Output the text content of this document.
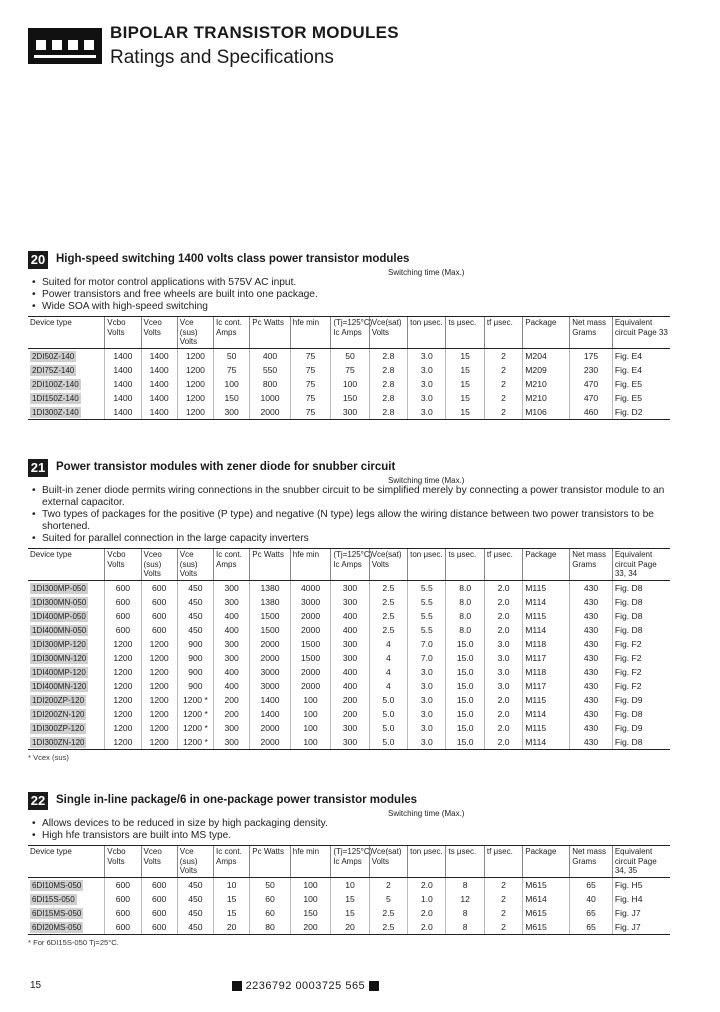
BIPOLAR TRANSISTOR MODULES
Ratings and Specifications
20 High-speed switching 1400 volts class power transistor modules
• Suited for motor control applications with 575V AC input.
• Power transistors and free wheels are built into one package.
• Wide SOA with high-speed switching
Device type	Vcbo Volts	Vceo Volts	Vce (sus) Volts	Ic cont. Amps	Pc Watts	hfe min	(Tj=125°C) Ic Amps	Vce(sat) Volts	ton μsec.	ts μsec.	tf μsec.	Package	Net mass Grams	Equivalent circuit Page 33
2DI50Z-140	1400	1400	1200	50	400	75	50	2.8	3.0	15	2	M204	175	Fig. E4
2DI75Z-140	1400	1400	1200	75	550	75	75	2.8	3.0	15	2	M209	230	Fig. E4
2DI100Z-140	1400	1400	1200	100	800	75	100	2.8	3.0	15	2	M210	470	Fig. E5
1DI150Z-140	1400	1400	1200	150	1000	75	150	2.8	3.0	15	2	M210	470	Fig. E5
1DI300Z-140	1400	1400	1200	300	2000	75	300	2.8	3.0	15	2	M106	460	Fig. D2
Switching time (Max.)
21 Power transistor modules with zener diode for snubber circuit
• Built-in zener diode permits wiring connections in the snubber circuit to be simplified merely by connecting a power transistor module to an external capacitor.
• Two types of packages for the positive (P type) and negative (N type) legs allow the wiring distance between two power transistors to be shortened.
• Suited for parallel connection in the large capacity inverters
Device type	Vcbo Volts	Vceo (sus) Volts	Vce (sus) Volts	Ic cont. Amps	Pc Watts	hfe min	(Tj=125°C) Ic Amps	Vce(sat) Volts	ton μsec.	ts μsec.	tf μsec.	Package	Net mass Grams	Equivalent circuit Page 33, 34
1DI300MP-050	600	600	450	300	1380	4000	300	2.5	5.5	8.0	2.0	M115	430	Fig. D8
1DI300MN-050	600	600	450	300	1380	3000	300	2.5	5.5	8.0	2.0	M114	430	Fig. D8
1DI400MP-050	600	600	450	400	1500	2000	400	2.5	5.5	8.0	2.0	M115	430	Fig. D8
1DI400MN-050	600	600	450	400	1500	2000	400	2.5	5.5	8.0	2.0	M114	430	Fig. D8
1DI300MP-120	1200	1200	900	300	2000	1500	300	4	7.0	15.0	3.0	M118	430	Fig. F2
1DI300MN-120	1200	1200	900	300	2000	1500	300	4	7.0	15.0	3.0	M117	430	Fig. F2
1DI400MP-120	1200	1200	900	400	3000	2000	400	4	3.0	15.0	3.0	M118	430	Fig. F2
1DI400MN-120	1200	1200	900	400	3000	2000	400	4	3.0	15.0	3.0	M117	430	Fig. F2
1DI200ZP-120	1200	1200	1200 *	200	1400	100	200	5.0	3.0	15.0	2.0	M115	430	Fig. D9
1DI200ZN-120	1200	1200	1200 *	200	1400	100	200	5.0	3.0	15.0	2.0	M114	430	Fig. D8
1DI300ZP-120	1200	1200	1200 *	300	2000	100	300	5.0	3.0	15.0	2.0	M115	430	Fig. D9
1DI300ZN-120	1200	1200	1200 *	300	2000	100	300	5.0	3.0	15.0	2.0	M114	430	Fig. D8
* Vcex (sus)
Switching time (Max.)
22 Single in-line package/6 in one-package power transistor modules
• Allows devices to be reduced in size by high packaging density.
• High hfe transistors are built into MS type.
Device type	Vcbo Volts	Vceo Volts	Vce (sus) Volts	Ic cont. Amps	Pc Watts	hfe min	(Tj=125°C) Ic Amps	Vce(sat) Volts	ton μsec.	ts μsec.	tf μsec.	Package	Net mass Grams	Equivalent circuit Page 34, 35
6DI10MS-050	600	600	450	10	50	100	10	2	2.0	8	2	M615	65	Fig. H5
6DI15S-050	600	600	450	15	60	100	15	5	1.0	12	2	M614	40	Fig. H4
6DI15MS-050	600	600	450	15	60	150	15	2.5	2.0	8	2	M615	65	Fig. J7
6DI20MS-050	600	600	450	20	80	200	20	2.5	2.0	8	2	M615	65	Fig. J7
* For 6DI15S-050 Tj=25°C.
Switching time (Max.)
15	2236792 0003725 565
